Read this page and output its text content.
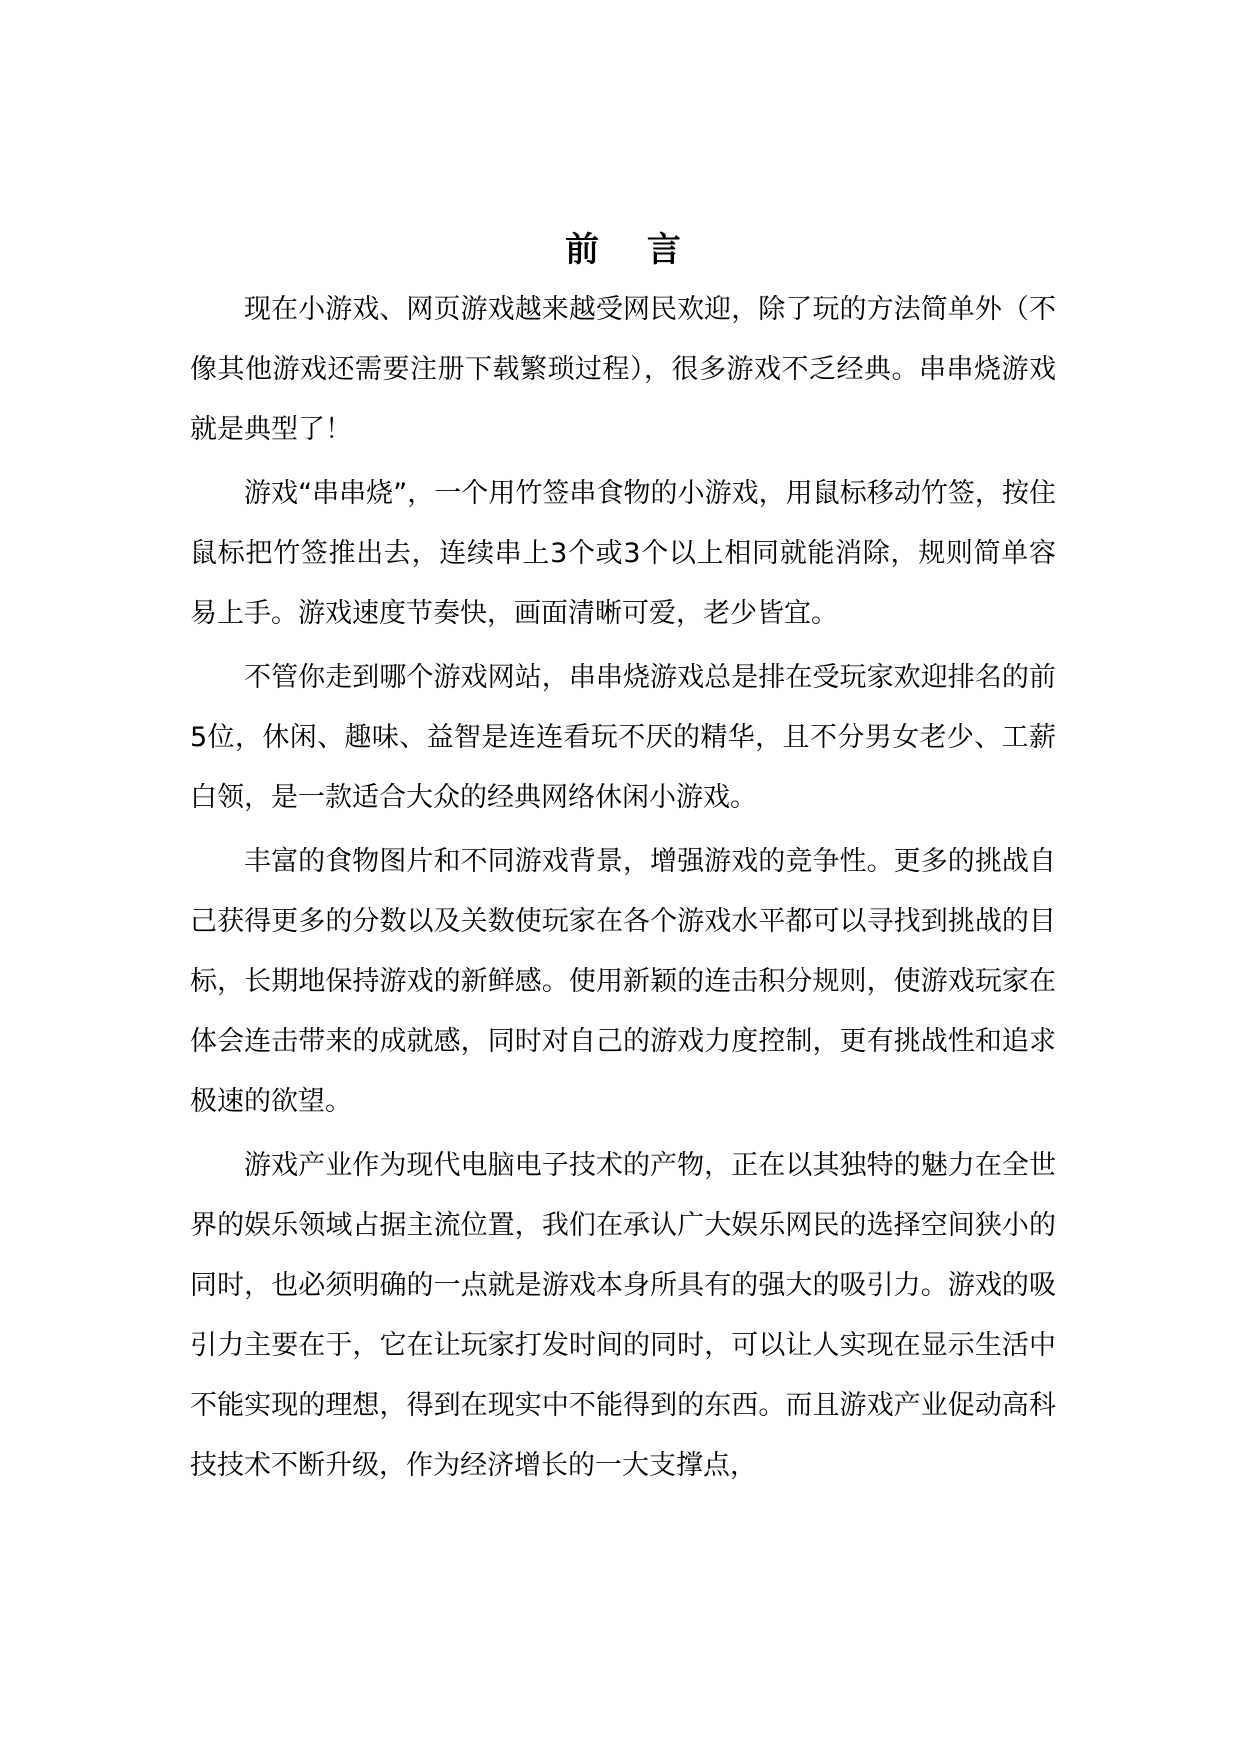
前 言

现在小游戏、网页游戏越来越受网民欢迎，除了玩的方法简单外（不像其他游戏还需要注册下载繁琐过程），很多游戏不乏经典。串串烧游戏就是典型了！

游戏“串串烧”，一个用竹签串食物的小游戏，用鼠标移动竹签，按住鼠标把竹签推出去，连续串上3个或3个以上相同就能消除，规则简单容易上手。游戏速度节奏快，画面清晰可爱，老少皆宜。

不管你走到哪个游戏网站，串串烧游戏总是排在受玩家欢迎排名的前5位，休闲、趣味、益智是连连看玩不厌的精华，且不分男女老少、工薪白领，是一款适合大众的经典网络休闲小游戏。

丰富的食物图片和不同游戏背景，增强游戏的竞争性。更多的挑战自己获得更多的分数以及关数使玩家在各个游戏水平都可以寻找到挑战的目标，长期地保持游戏的新鲜感。使用新颖的连击积分规则，使游戏玩家在体会连击带来的成就感，同时对自己的游戏力度控制，更有挑战性和追求极速的欲望。

游戏产业作为现代电脑电子技术的产物，正在以其独特的魅力在全世界的娱乐领域占据主流位置，我们在承认广大娱乐网民的选择空间狭小的同时，也必须明确的一点就是游戏本身所具有的强大的吸引力。游戏的吸引力主要在于，它在让玩家打发时间的同时，可以让人实现在显示生活中不能实现的理想，得到在现实中不能得到的东西。而且游戏产业促动高科技技术不断升级，作为经济增长的一大支撑点，
